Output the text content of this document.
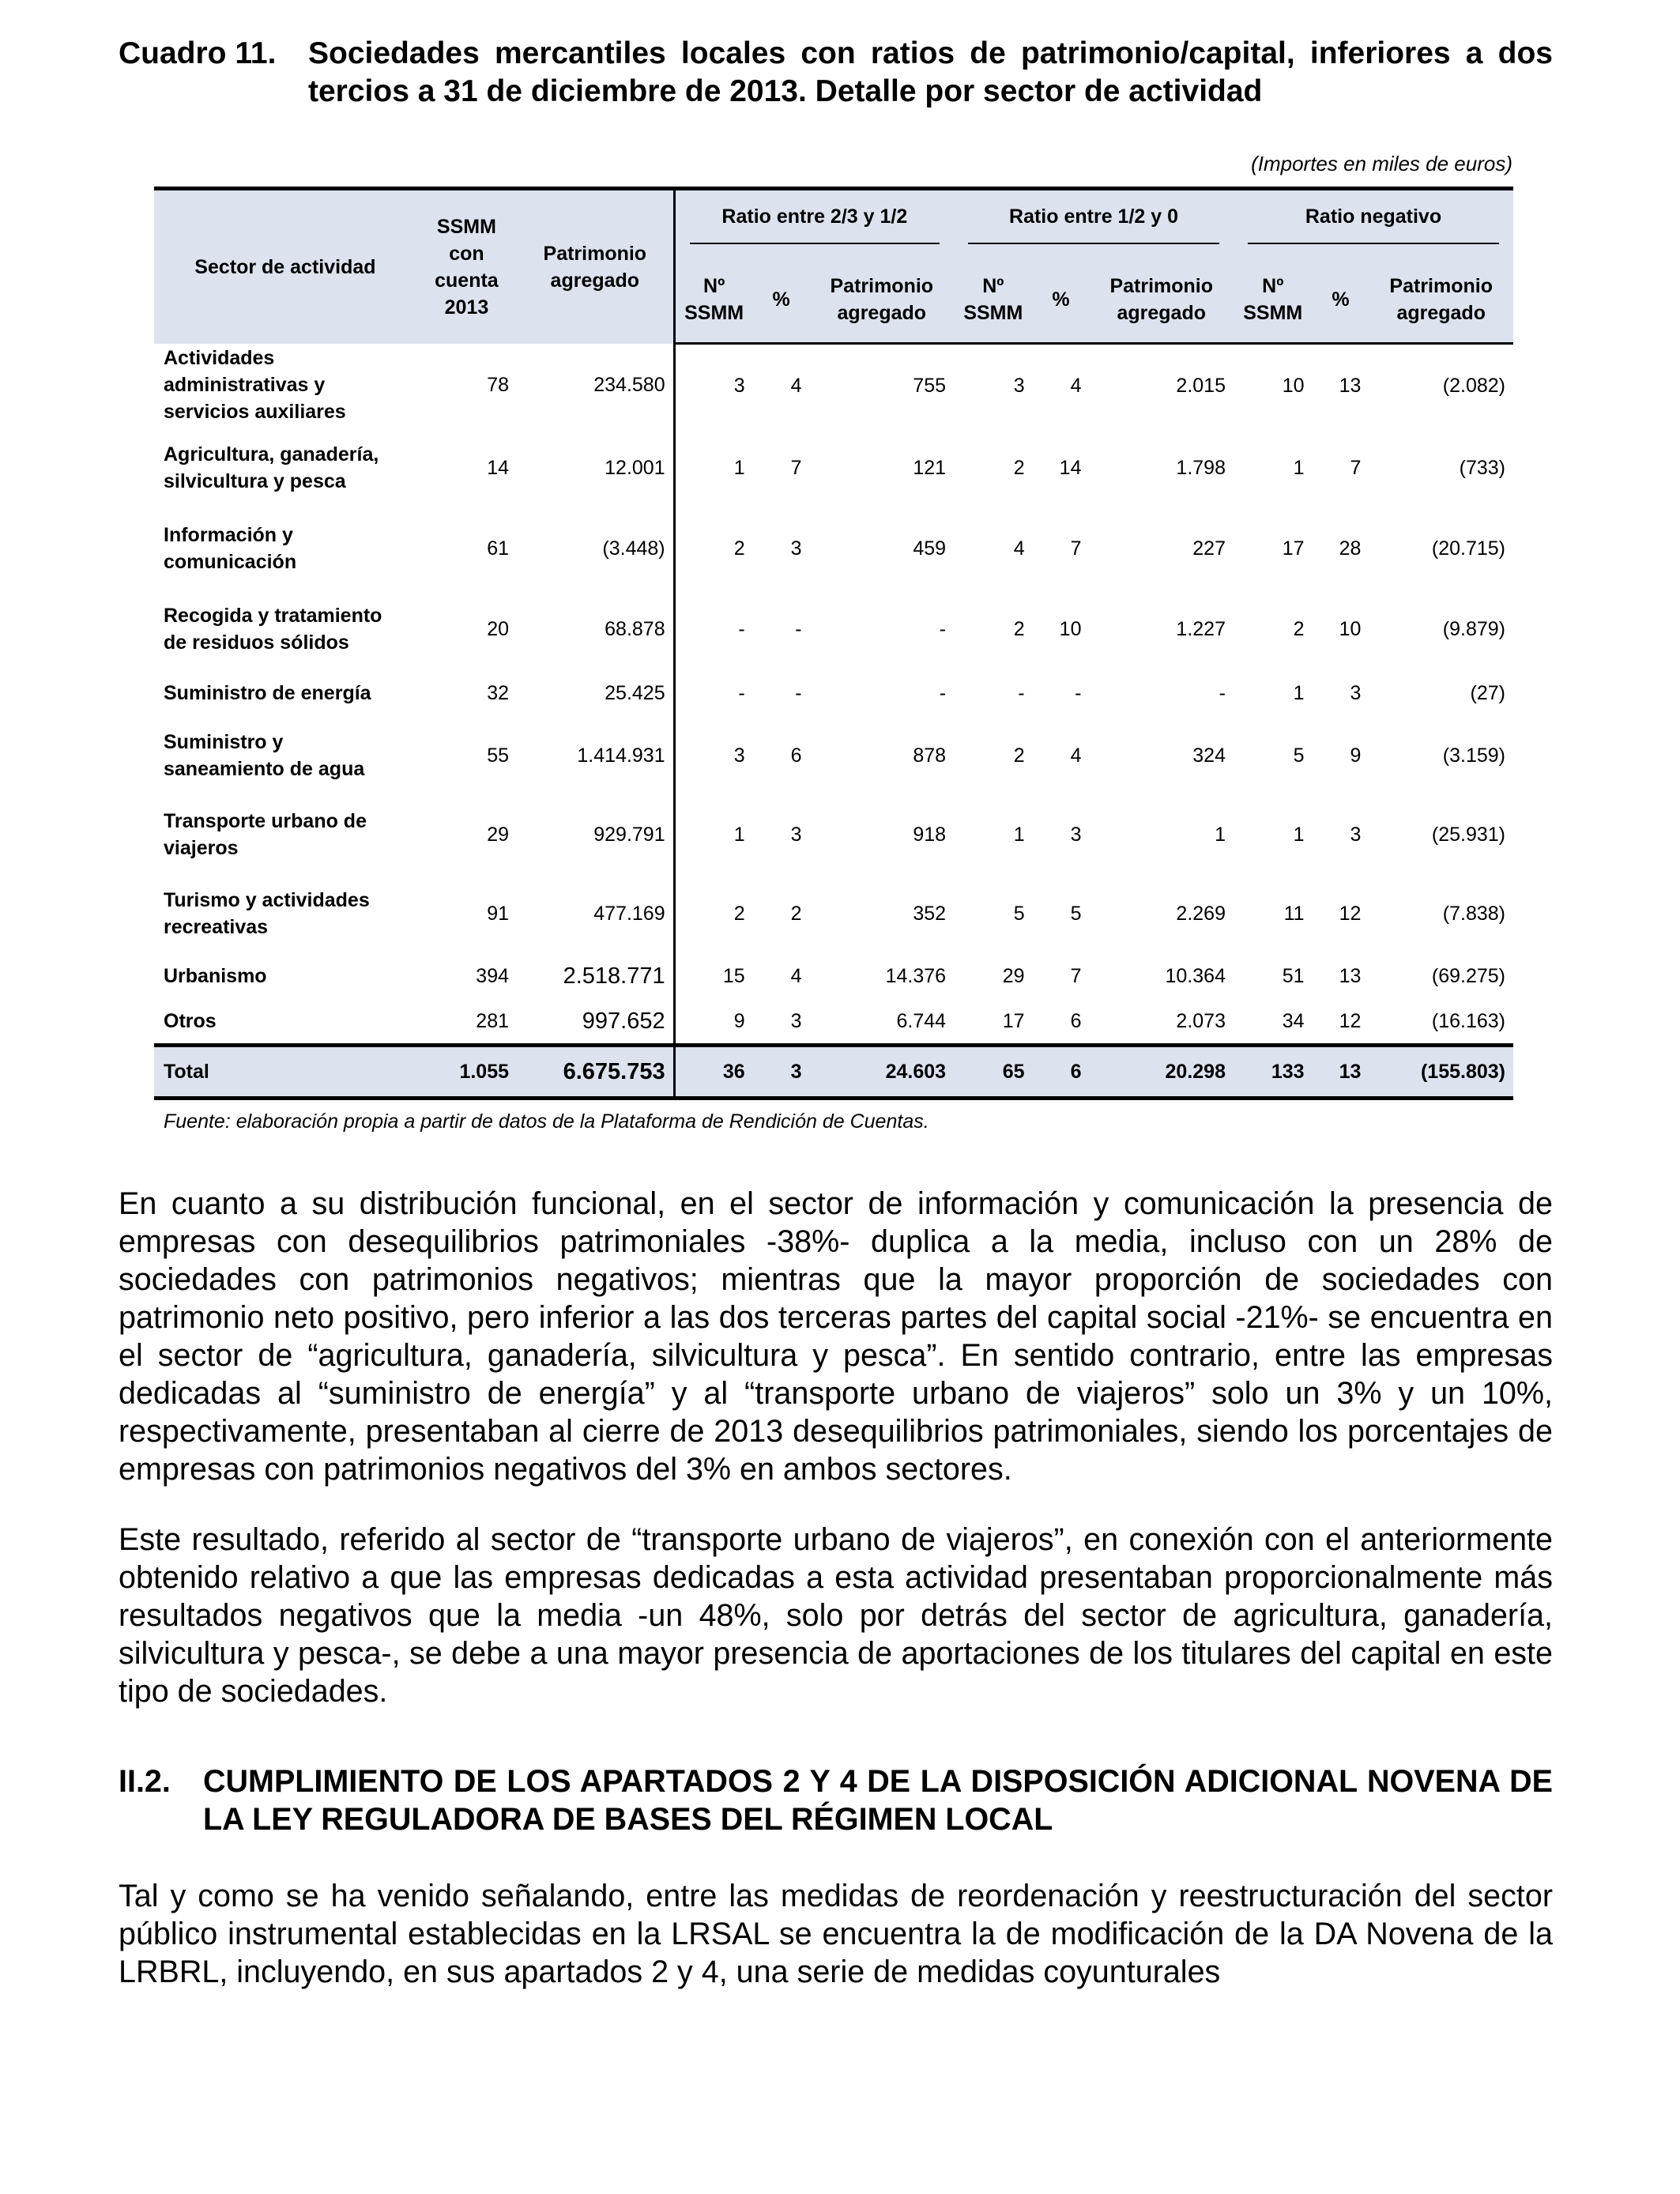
Cuadro 11. Sociedades mercantiles locales con ratios de patrimonio/capital, inferiores a dos tercios a 31 de diciembre de 2013. Detalle por sector de actividad
(Importes en miles de euros)
Sector de actividad	SSMM con cuenta 2013	Patrimonio agregado	Ratio entre 2/3 y 1/2			Ratio entre 1/2 y 0			Ratio negativo		

			Nº SSMM	%	Patrimonio agregado	Nº SSMM	%	Patrimonio agregado	Nº SSMM	%	Patrimonio agregado
Actividades administrativas y servicios auxiliares	78	234.580	3	4	755	3	4	2.015	10	13	(2.082)
Agricultura, ganadería, silvicultura y pesca	14	12.001	1	7	121	2	14	1.798	1	7	(733)
Información y comunicación	61	(3.448)	2	3	459	4	7	227	17	28	(20.715)
Recogida y tratamiento de residuos sólidos	20	68.878	-	-	-	2	10	1.227	2	10	(9.879)
Suministro de energía	32	25.425	-	-	-	-	-	-	1	3	(27)
Suministro y saneamiento de agua	55	1.414.931	3	6	878	2	4	324	5	9	(3.159)
Transporte urbano de viajeros	29	929.791	1	3	918	1	3	1	1	3	(25.931)
Turismo y actividades recreativas	91	477.169	2	2	352	5	5	2.269	11	12	(7.838)
Urbanismo	394	2.518.771	15	4	14.376	29	7	10.364	51	13	(69.275)
Otros	281	997.652	9	3	6.744	17	6	2.073	34	12	(16.163)
Total	1.055	6.675.753	36	3	24.603	65	6	20.298	133	13	(155.803)
Fuente: elaboración propia a partir de datos de la Plataforma de Rendición de Cuentas.

En cuanto a su distribución funcional, en el sector de información y comunicación la presencia de empresas con desequilibrios patrimoniales -38%- duplica a la media, incluso con un 28% de sociedades con patrimonios negativos; mientras que la mayor proporción de sociedades con patrimonio neto positivo, pero inferior a las dos terceras partes del capital social -21%- se encuentra en el sector de “agricultura, ganadería, silvicultura y pesca”. En sentido contrario, entre las empresas dedicadas al “suministro de energía” y al “transporte urbano de viajeros” solo un 3% y un 10%, respectivamente, presentaban al cierre de 2013 desequilibrios patrimoniales, siendo los porcentajes de empresas con patrimonios negativos del 3% en ambos sectores.

Este resultado, referido al sector de “transporte urbano de viajeros”, en conexión con el anteriormente obtenido relativo a que las empresas dedicadas a esta actividad presentaban proporcionalmente más resultados negativos que la media -un 48%, solo por detrás del sector de agricultura, ganadería, silvicultura y pesca-, se debe a una mayor presencia de aportaciones de los titulares del capital en este tipo de sociedades.

II.2. CUMPLIMIENTO DE LOS APARTADOS 2 Y 4 DE LA DISPOSICIÓN ADICIONAL NOVENA DE LA LEY REGULADORA DE BASES DEL RÉGIMEN LOCAL

Tal y como se ha venido señalando, entre las medidas de reordenación y reestructuración del sector público instrumental establecidas en la LRSAL se encuentra la de modificación de la DA Novena de la LRBRL, incluyendo, en sus apartados 2 y 4, una serie de medidas coyunturales
